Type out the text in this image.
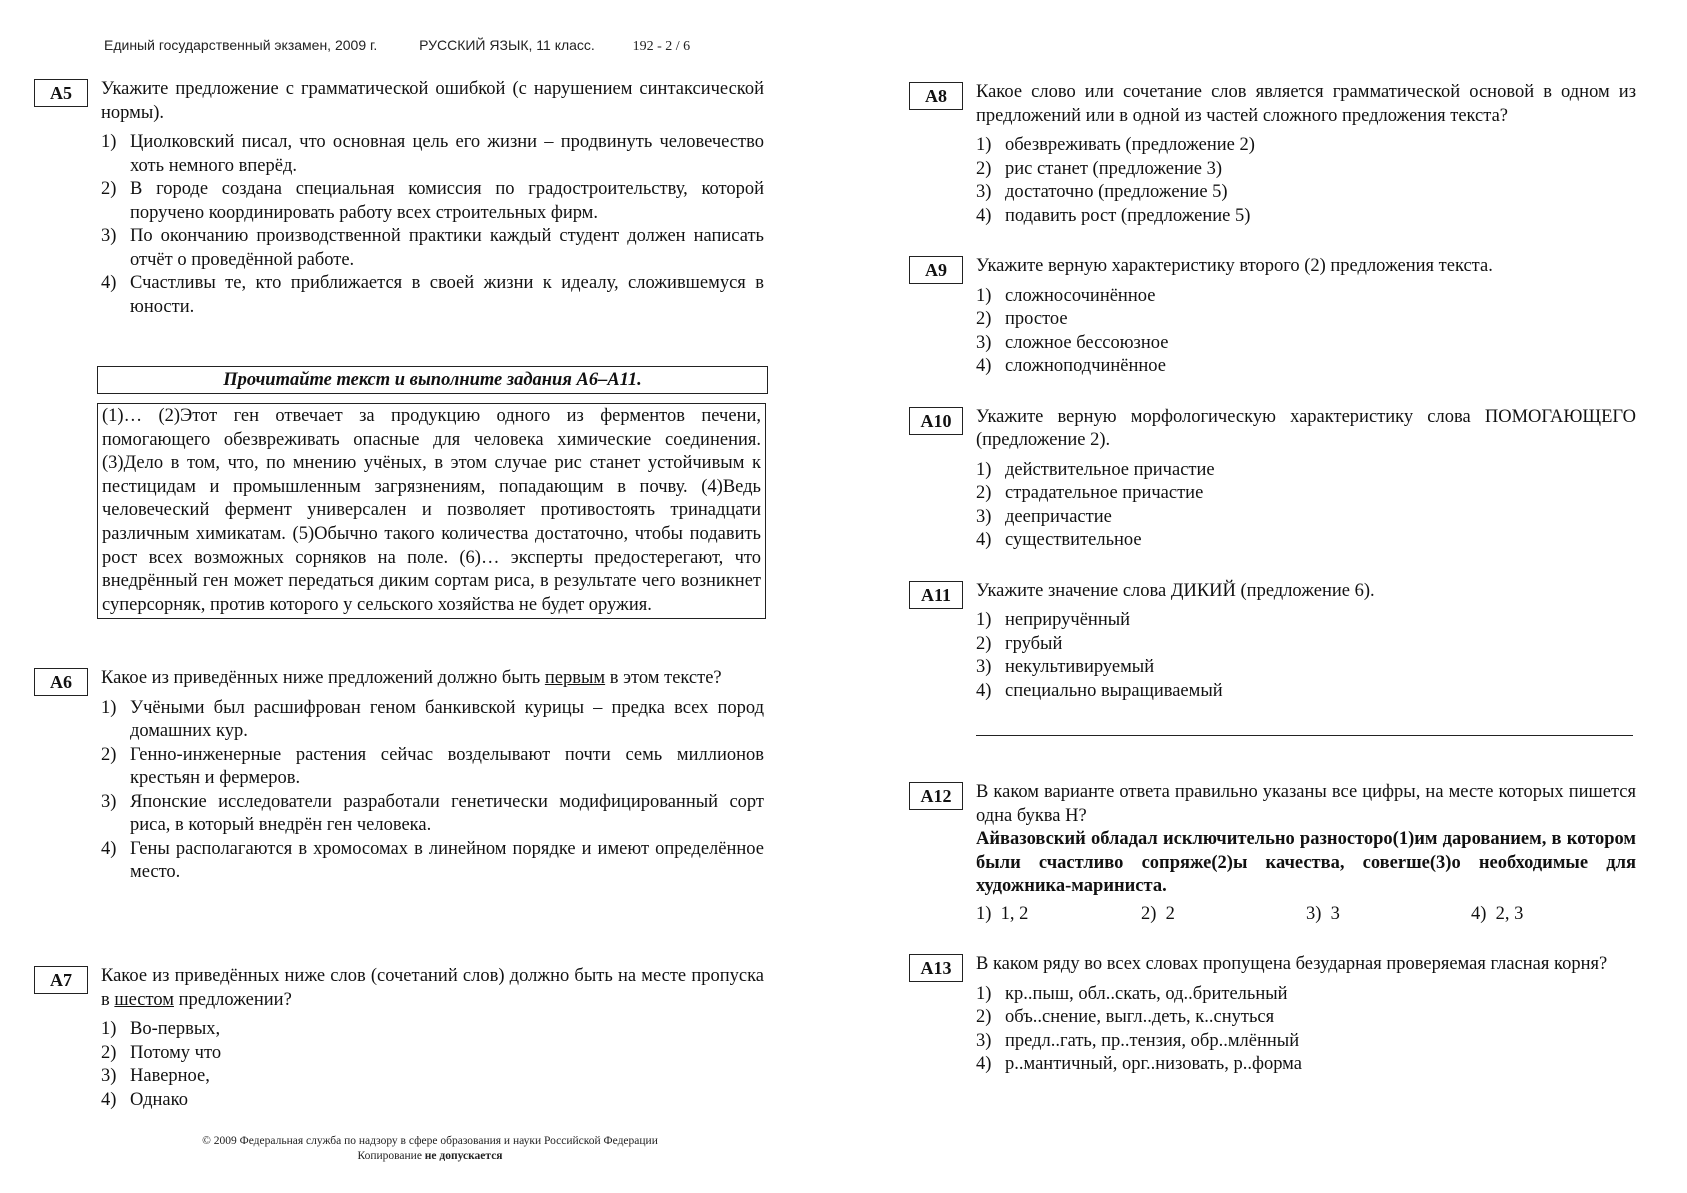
Единый государственный экзамен, 2009 г.	РУССКИЙ ЯЗЫК, 11 класс.	192 - 2 / 6
А5	Укажите предложение с грамматической ошибкой (с нарушением синтаксической нормы).
1) Циолковский писал, что основная цель его жизни – продвинуть человечество хоть немного вперёд.
2) В городе создана специальная комиссия по градостроительству, которой поручено координировать работу всех строительных фирм.
3) По окончанию производственной практики каждый студент должен написать отчёт о проведённой работе.
4) Счастливы те, кто приближается в своей жизни к идеалу, сложившемуся в юности.
Прочитайте текст и выполните задания А6–А11.
(1)… (2)Этот ген отвечает за продукцию одного из ферментов печени, помогающего обезвреживать опасные для человека химические соединения. (3)Дело в том, что, по мнению учёных, в этом случае рис станет устойчивым к пестицидам и промышленным загрязнениям, попадающим в почву. (4)Ведь человеческий фермент универсален и позволяет противостоять тринадцати различным химикатам. (5)Обычно такого количества достаточно, чтобы подавить рост всех возможных сорняков на поле. (6)… эксперты предостерегают, что внедрённый ген может передаться диким сортам риса, в результате чего возникнет суперсорняк, против которого у сельского хозяйства не будет оружия.
А6	Какое из приведённых ниже предложений должно быть первым в этом тексте?
1) Учёными был расшифрован геном банкивской курицы – предка всех пород домашних кур.
2) Генно-инженерные растения сейчас возделывают почти семь миллионов крестьян и фермеров.
3) Японские исследователи разработали генетически модифицированный сорт риса, в который внедрён ген человека.
4) Гены располагаются в хромосомах в линейном порядке и имеют определённое место.
А7	Какое из приведённых ниже слов (сочетаний слов) должно быть на месте пропуска в шестом предложении?
1) Во-первых,
2) Потому что
3) Наверное,
4) Однако
А8	Какое слово или сочетание слов является грамматической основой в одном из предложений или в одной из частей сложного предложения текста?
1) обезвреживать (предложение 2)
2) рис станет (предложение 3)
3) достаточно (предложение 5)
4) подавить рост (предложение 5)
А9	Укажите верную характеристику второго (2) предложения текста.
1) сложносочинённое
2) простое
3) сложное бессоюзное
4) сложноподчинённое
А10	Укажите верную морфологическую характеристику слова ПОМОГАЮЩЕГО (предложение 2).
1) действительное причастие
2) страдательное причастие
3) деепричастие
4) существительное
А11	Укажите значение слова ДИКИЙ (предложение 6).
1) неприручённый
2) грубый
3) некультивируемый
4) специально выращиваемый
А12	В каком варианте ответа правильно указаны все цифры, на месте которых пишется одна буква Н?
Айвазовский обладал исключительно разносторо(1)им дарованием, в котором были счастливо сопряже(2)ы качества, совerше(3)о необходимые для художника-мариниста.
1) 1, 2	2) 2	3) 3	4) 2, 3
А13	В каком ряду во всех словах пропущена безударная проверяемая гласная корня?
1) кр..пыш, обл..скать, од..брительный
2) объ..снение, выгл..деть, к..снуться
3) предл..гать, пр..тензия, обр..млённый
4) р..мантичный, орг..низовать, р..форма
© 2009 Федеральная служба по надзору в сфере образования и науки Российской Федерации
Копирование не допускается
